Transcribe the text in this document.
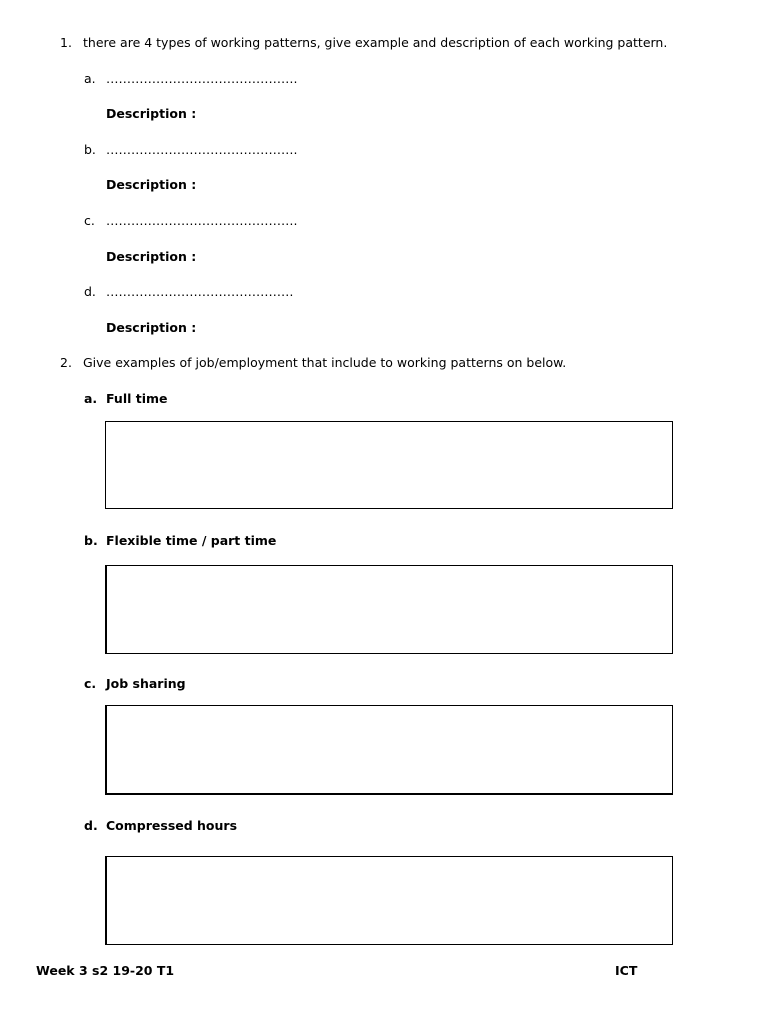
1. there are 4 types of working patterns, give example and description of each working pattern.
a. ……………………………………….
Description :
b. ……………………………………….
Description :
c. ……………………………………….
Description :
d. ………………………………………
Description :
2. Give examples of job/employment that include to working patterns on below.
a. Full time
b. Flexible time / part time
c. Job sharing
d. Compressed hours
Week 3 s2 19-20 T1	ICT
